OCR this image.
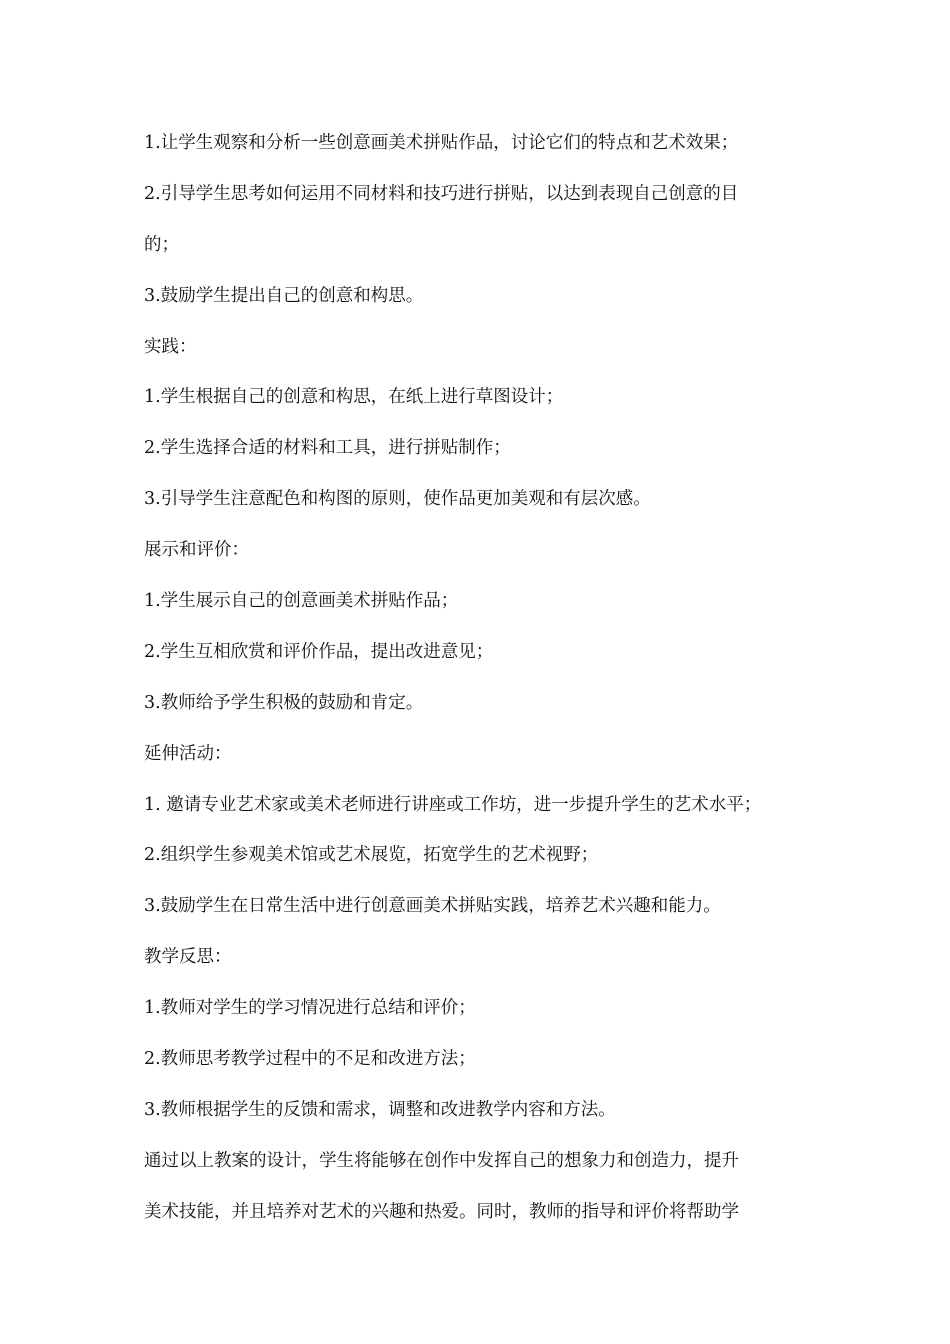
1.让学生观察和分析一些创意画美术拼贴作品，讨论它们的特点和艺术效果；

2.引导学生思考如何运用不同材料和技巧进行拼贴，以达到表现自己创意的目

的；

3.鼓励学生提出自己的创意和构思。

实践：

1.学生根据自己的创意和构思，在纸上进行草图设计；

2.学生选择合适的材料和工具，进行拼贴制作；

3.引导学生注意配色和构图的原则，使作品更加美观和有层次感。

展示和评价：

1.学生展示自己的创意画美术拼贴作品；

2.学生互相欣赏和评价作品，提出改进意见；

3.教师给予学生积极的鼓励和肯定。

延伸活动：

1. 邀请专业艺术家或美术老师进行讲座或工作坊，进一步提升学生的艺术水平；

2.组织学生参观美术馆或艺术展览，拓宽学生的艺术视野；

3.鼓励学生在日常生活中进行创意画美术拼贴实践，培养艺术兴趣和能力。

教学反思：

1.教师对学生的学习情况进行总结和评价；

2.教师思考教学过程中的不足和改进方法；

3.教师根据学生的反馈和需求，调整和改进教学内容和方法。

通过以上教案的设计，学生将能够在创作中发挥自己的想象力和创造力，提升

美术技能，并且培养对艺术的兴趣和热爱。同时，教师的指导和评价将帮助学
